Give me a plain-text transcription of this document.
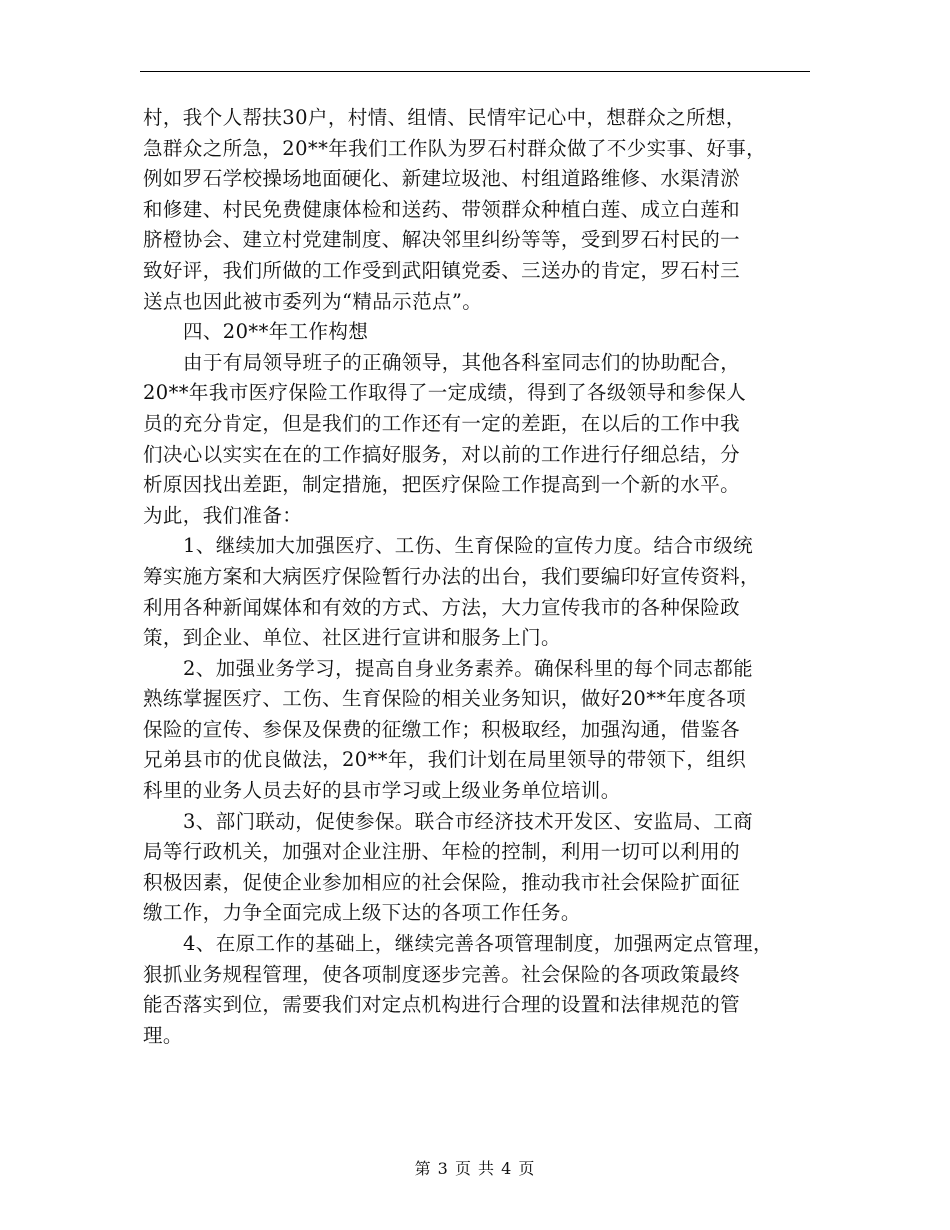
村，我个人帮扶30户，村情、组情、民情牢记心中，想群众之所想，
急群众之所急，20**年我们工作队为罗石村群众做了不少实事、好事，
例如罗石学校操场地面硬化、新建垃圾池、村组道路维修、水渠清淤
和修建、村民免费健康体检和送药、带领群众种植白莲、成立白莲和
脐橙协会、建立村党建制度、解决邻里纠纷等等，受到罗石村民的一
致好评，我们所做的工作受到武阳镇党委、三送办的肯定，罗石村三
送点也因此被市委列为“精品示范点”。
四、20**年工作构想
由于有局领导班子的正确领导，其他各科室同志们的协助配合，
20**年我市医疗保险工作取得了一定成绩，得到了各级领导和参保人
员的充分肯定，但是我们的工作还有一定的差距，在以后的工作中我
们决心以实实在在的工作搞好服务，对以前的工作进行仔细总结，分
析原因找出差距，制定措施，把医疗保险工作提高到一个新的水平。
为此，我们准备：
1、继续加大加强医疗、工伤、生育保险的宣传力度。结合市级统
筹实施方案和大病医疗保险暂行办法的出台，我们要编印好宣传资料，
利用各种新闻媒体和有效的方式、方法，大力宣传我市的各种保险政
策，到企业、单位、社区进行宣讲和服务上门。
2、加强业务学习，提高自身业务素养。确保科里的每个同志都能
熟练掌握医疗、工伤、生育保险的相关业务知识，做好20**年度各项
保险的宣传、参保及保费的征缴工作；积极取经，加强沟通，借鉴各
兄弟县市的优良做法，20**年，我们计划在局里领导的带领下，组织
科里的业务人员去好的县市学习或上级业务单位培训。
3、部门联动，促使参保。联合市经济技术开发区、安监局、工商
局等行政机关，加强对企业注册、年检的控制，利用一切可以利用的
积极因素，促使企业参加相应的社会保险，推动我市社会保险扩面征
缴工作，力争全面完成上级下达的各项工作任务。
4、在原工作的基础上，继续完善各项管理制度，加强两定点管理，
狠抓业务规程管理，使各项制度逐步完善。社会保险的各项政策最终
能否落实到位，需要我们对定点机构进行合理的设置和法律规范的管
理。
第 3 页 共 4 页
